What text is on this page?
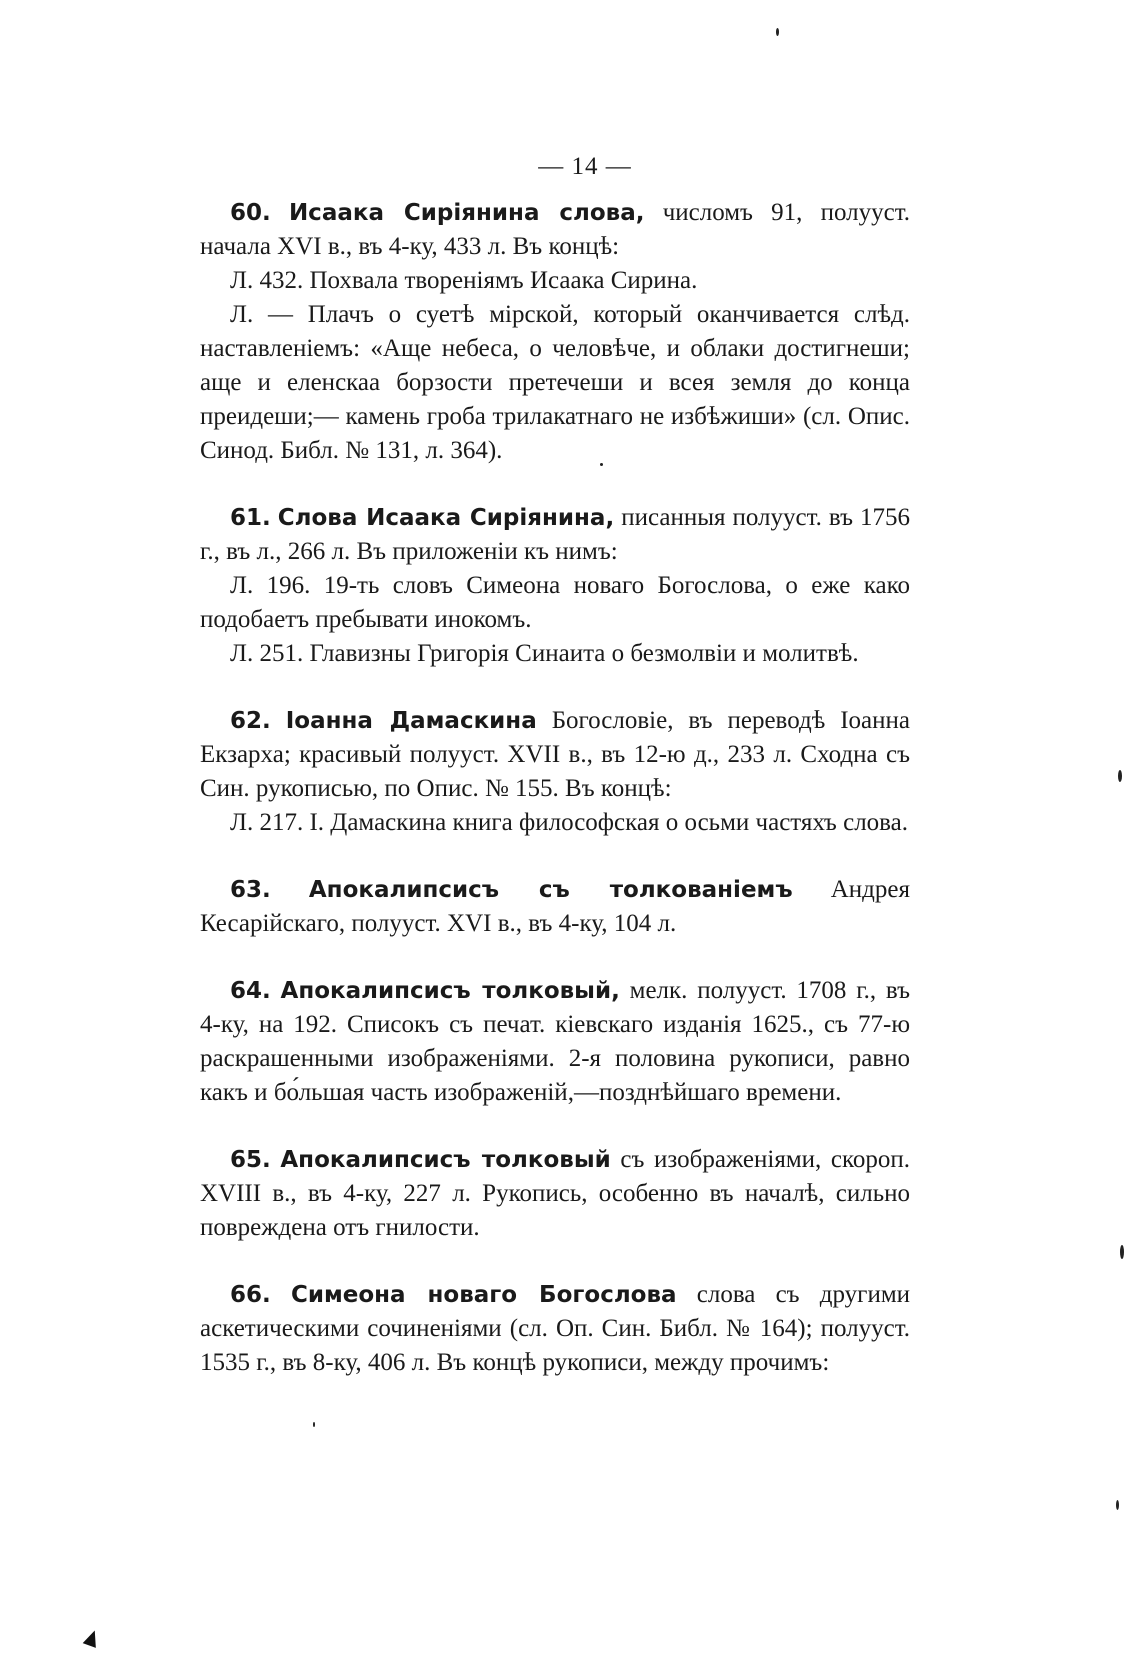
— 14 —

60. Исаака Сиріянина слова, числомъ 91, полууст. начала XVI в., въ 4-ку, 433 л. Въ концѣ:

Л. 432. Похвала твореніямъ Исаака Сирина.

Л. — Плачъ о суетѣ мірской, который оканчивается слѣд. наставленіемъ: «Аще небеса, о человѣче, и облаки достигнеши; аще и еленскаа борзости претечеши и всея земля до конца преидеши;— камень гроба трилакатнаго не избѣжиши» (сл. Опис. Синод. Библ. № 131, л. 364).

61. Слова Исаака Сиріянина, писанныя полууст. въ 1756 г., въ л., 266 л. Въ приложеніи къ нимъ:

Л. 196. 19-ть словъ Симеона новаго Богослова, о еже како подобаетъ пребывати инокомъ.

Л. 251. Главизны Григорія Синаита о безмолвіи и молитвѣ.

62. Іоанна Дамаскина Богословіе, въ переводѣ Іоанна Екзарха; красивый полууст. XVII в., въ 12-ю д., 233 л. Сходна съ Син. рукописью, по Опис. № 155. Въ концѣ:

Л. 217. І. Дамаскина книга философская о осьми частяхъ слова.

63. Апокалипсисъ съ толкованіемъ Андрея Кесарійскаго, полууст. XVI в., въ 4-ку, 104 л.

64. Апокалипсисъ толковый, мелк. полууст. 1708 г., въ 4-ку, на 192. Списокъ съ печат. кіевскаго изданія 1625., съ 77-ю раскрашенными изображеніями. 2-я половина рукописи, равно какъ и бо́льшая часть изображеній,—позднѣйшаго времени.

65. Апокалипсисъ толковый съ изображеніями, скороп. XVIII в., въ 4-ку, 227 л. Рукопись, особенно въ началѣ, сильно повреждена отъ гнилости.

66. Симеона новаго Богослова слова съ другими аскетическими сочиненіями (сл. Оп. Син. Библ. № 164); полууст. 1535 г., въ 8-ку, 406 л. Въ концѣ рукописи, между прочимъ:
